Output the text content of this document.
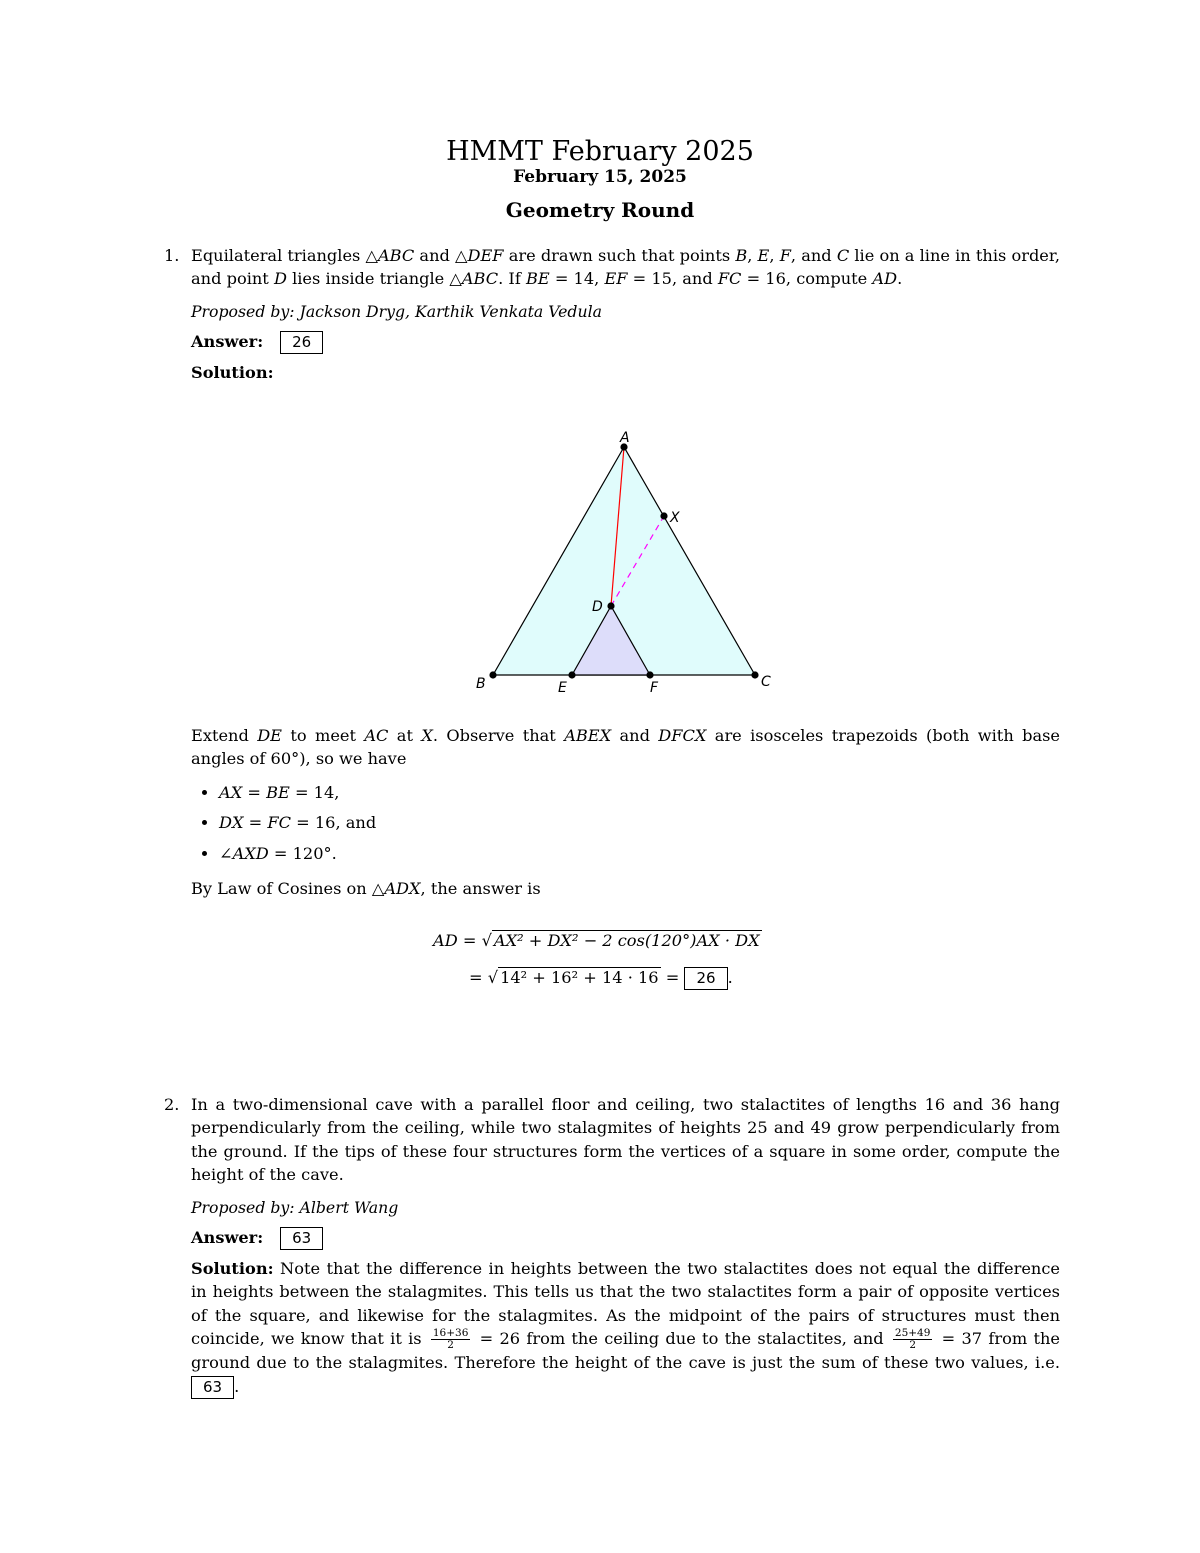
HMMT February 2025
February 15, 2025
Geometry Round
1. Equilateral triangles △ABC and △DEF are drawn such that points B, E, F, and C lie on a line in this order, and point D lies inside triangle △ABC. If BE = 14, EF = 15, and FC = 16, compute AD.

Proposed by: Jackson Dryg, Karthik Venkata Vedula
Answer: 26
Solution:
A
X
D
B	E	F	C

Extend DE to meet AC at X. Observe that ABEX and DFCX are isosceles trapezoids (both with base angles of 60°), so we have

• AX = BE = 14,
• DX = FC = 16, and
• ∠AXD = 120°.

By Law of Cosines on △ADX, the answer is

AD = √ AX² + DX² − 2 cos(120°)AX · DX
= √ 14² + 16² + 14 · 16 = 26 .
2. In a two-dimensional cave with a parallel floor and ceiling, two stalactites of lengths 16 and 36 hang perpendicularly from the ceiling, while two stalagmites of heights 25 and 49 grow perpendicularly from the ground. If the tips of these four structures form the vertices of a square in some order, compute the height of the cave.

Proposed by: Albert Wang
Answer: 63

Solution: Note that the difference in heights between the two stalactites does not equal the difference in heights between the stalagmites. This tells us that the two stalactites form a pair of opposite vertices of the square, and likewise for the stalagmites. As the midpoint of the pairs of structures must then coincide, we know that it is $\frac{16+36}{2} = 26$ from the ceiling due to the stalactites, and $\frac{25+49}{2} = 37$ from the ground due to the stalagmites. Therefore the height of the cave is just the sum of these two values, i.e. 63 .
